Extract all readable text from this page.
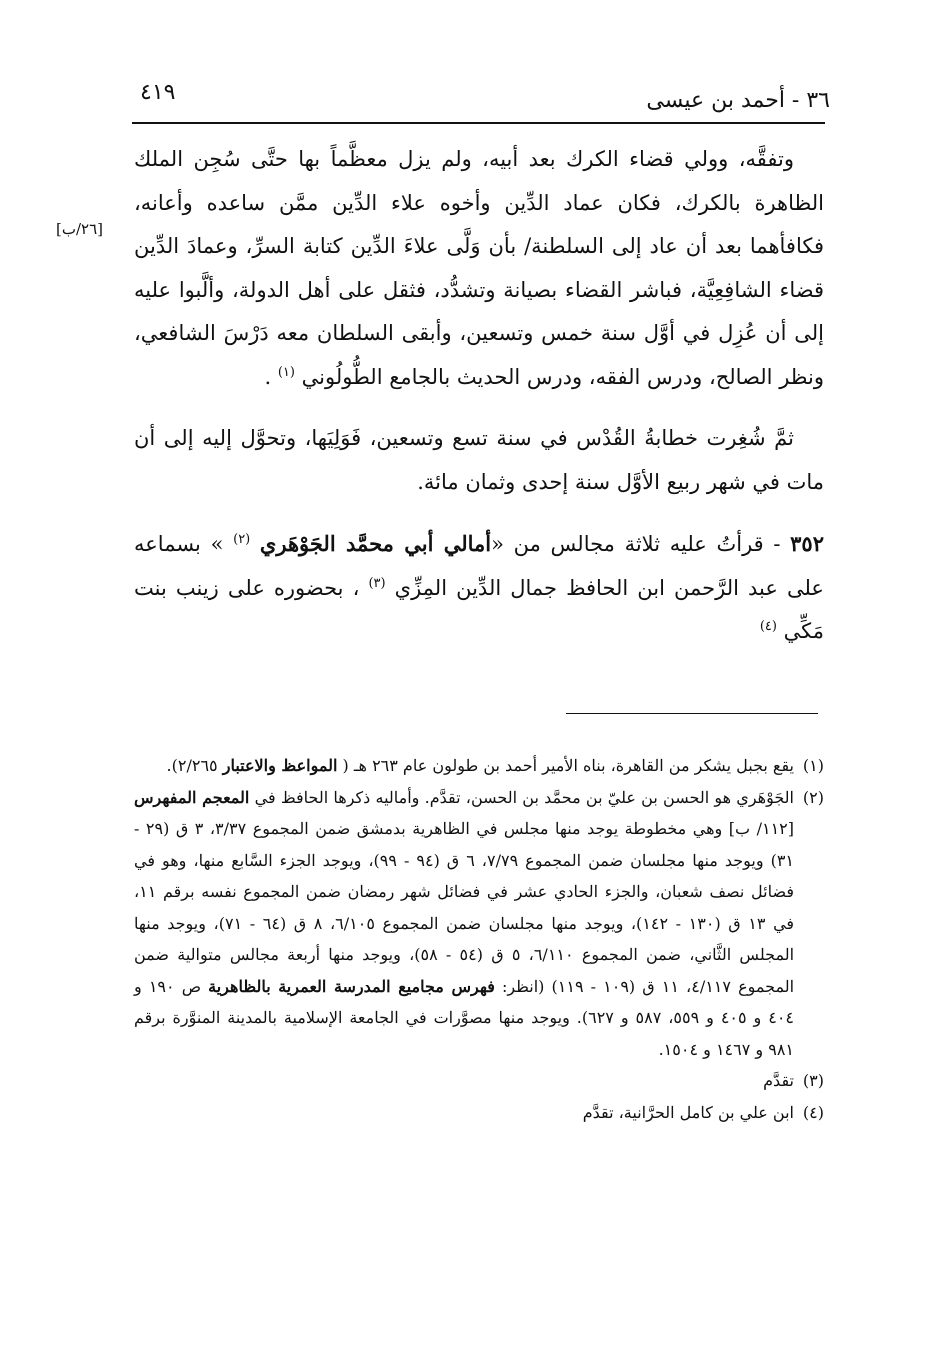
٣٦ - أحمد بن عيسى
٤١٩
[٢٦/ب]

وتفقَّه، وولي قضاء الكرك بعد أبيه، ولم يزل معظَّماً بها حتَّى سُجِن الملك الظاهرة بالكرك، فكان عماد الدِّين وأخوه علاء الدِّين ممَّن ساعده وأعانه، فكافأهما بعد أن عاد إلى السلطنة/ بأن وَلَّى علاءَ الدِّين كتابة السرِّ، وعمادَ الدِّين قضاء الشافِعِيَّة، فباشر القضاء بصيانة وتشدُّد، فثقل على أهل الدولة، وألَّبوا عليه إلى أن عُزِل في أوَّل سنة خمس وتسعين، وأبقى السلطان معه دَرْسَ الشافعي، ونظر الصالح، ودرس الفقه، ودرس الحديث بالجامع الطُّولُوني $^{(١)}$ .

ثمَّ شُغِرت خطابةُ القُدْس في سنة تسع وتسعين، فَوَلِيَها، وتحوَّل إليه إلى أن مات في شهر ربيع الأوَّل سنة إحدى وثمان مائة.

٣٥٢ - قرأتُ عليه ثلاثة مجالس من «أمالي أبي محمَّد الجَوْهَري $^{(٢)}$ » بسماعه على عبد الرَّحمن ابن الحافظ جمال الدِّين المِزِّي $^{(٣)}$ ، بحضوره على زينب بنت مَكِّي $^{(٤)}$

(١)
يقع بجبل يشكر من القاهرة، بناه الأمير أحمد بن طولون عام ٢٦٣ هـ ( المواعظ والاعتبار ٢/٢٦٥).

(٢)
الجَوْهَري هو الحسن بن عليّ بن محمَّد بن الحسن، تقدَّم. وأماليه ذكرها الحافظ في المعجم المفهرس [١١٢/ ب] وهي مخطوطة يوجد منها مجلس في الظاهرية بدمشق ضمن المجموع ٣/٣٧، ٣ ق (٢٩ - ٣١) ويوجد منها مجلسان ضمن المجموع ٧/٧٩، ٦ ق (٩٤ - ٩٩)، ويوجد الجزء السَّابع منها، وهو في فضائل نصف شعبان، والجزء الحادي عشر في فضائل شهر رمضان ضمن المجموع نفسه برقم ١١، في ١٣ ق (١٣٠ - ١٤٢)، ويوجد منها مجلسان ضمن المجموع ٦/١٠٥، ٨ ق (٦٤ - ٧١)، ويوجد منها المجلس الثَّاني، ضمن المجموع ٦/١١٠، ٥ ق (٥٤ - ٥٨)، ويوجد منها أربعة مجالس متوالية ضمن المجموع ٤/١١٧، ١١ ق (١٠٩ - ١١٩) (انظر: فهرس مجاميع المدرسة العمرية بالظاهرية ص ١٩٠ و ٤٠٤ و ٤٠٥ و ٥٥٩، ٥٨٧ و ٦٢٧). ويوجد منها مصوَّرات في الجامعة الإسلامية بالمدينة المنوَّرة برقم ٩٨١ و ١٤٦٧ و ١٥٠٤.

(٣)
تقدَّم

(٤)
ابن علي بن كامل الحرَّانية، تقدَّم
